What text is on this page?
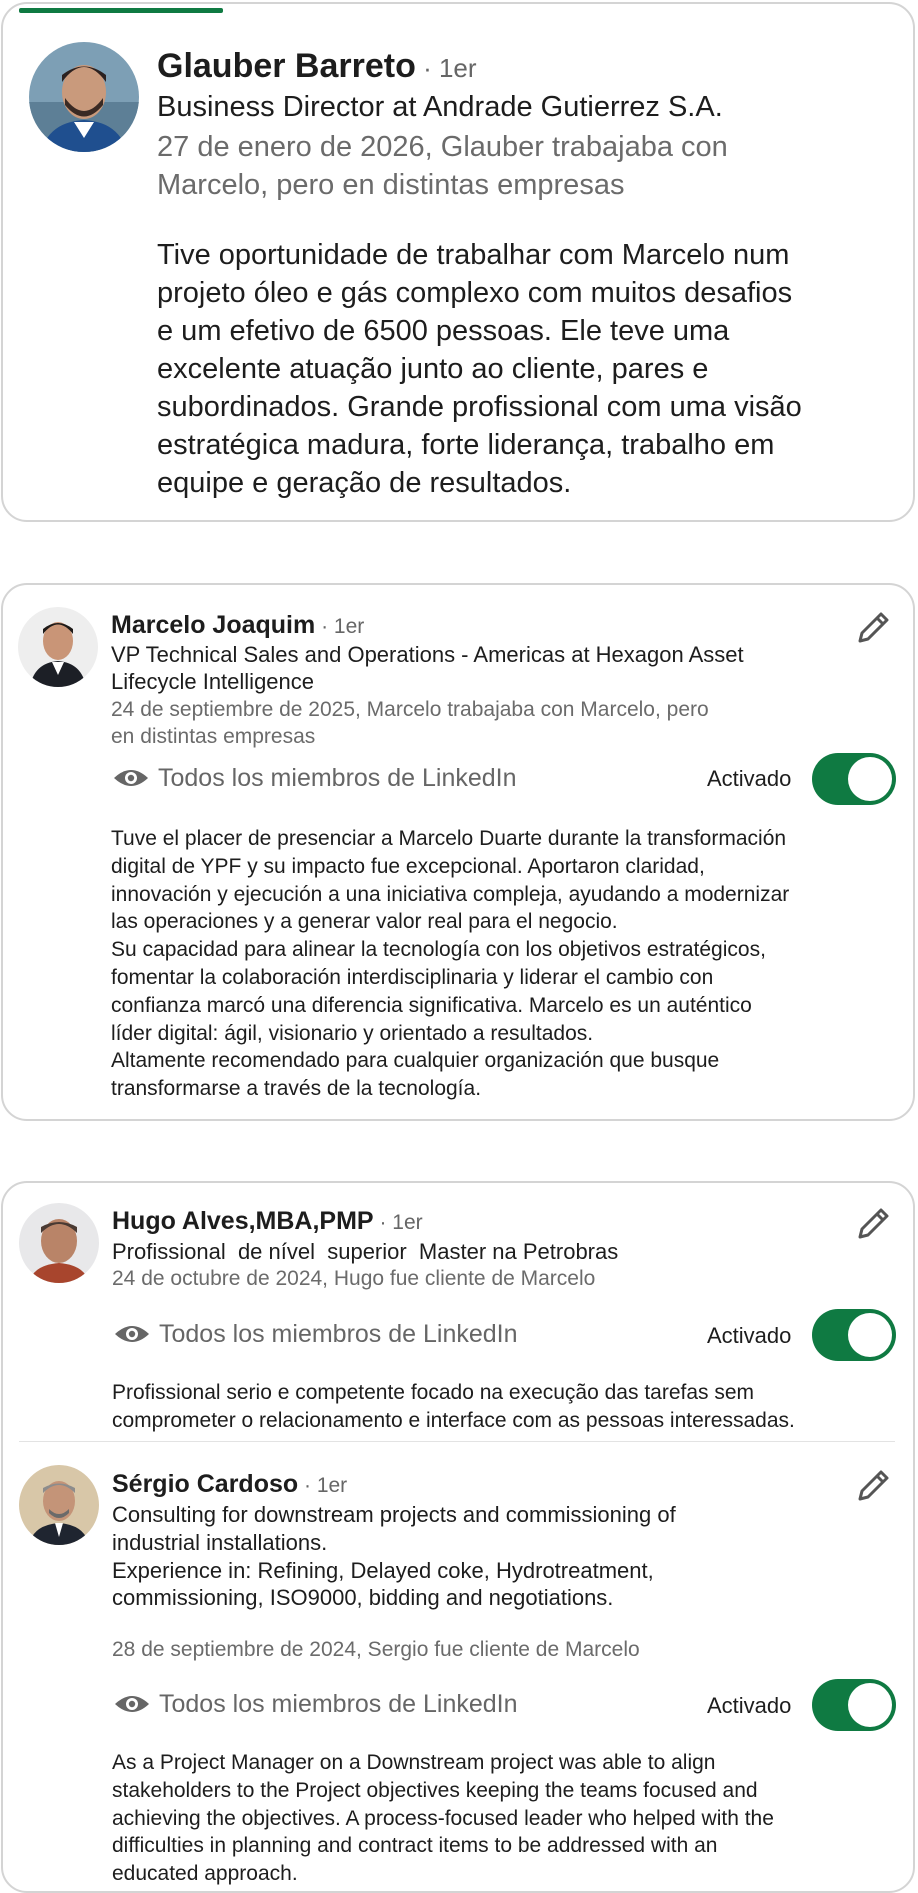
Glauber Barreto · 1er
Business Director at Andrade Gutierrez S.A.
27 de enero de 2026, Glauber trabajaba con
Marcelo, pero en distintas empresas
Tive oportunidade de trabalhar com Marcelo num
projeto óleo e gás complexo com muitos desafios
e um efetivo de 6500 pessoas. Ele teve uma
excelente atuação junto ao cliente, pares e
subordinados. Grande profissional com uma visão
estratégica madura, forte liderança, trabalho em
equipe e geração de resultados.
Marcelo Joaquim · 1er
VP Technical Sales and Operations - Americas at Hexagon Asset
Lifecycle Intelligence
24 de septiembre de 2025, Marcelo trabajaba con Marcelo, pero
en distintas empresas
Todos los miembros de LinkedIn	Activado
Tuve el placer de presenciar a Marcelo Duarte durante la transformación
digital de YPF y su impacto fue excepcional. Aportaron claridad,
innovación y ejecución a una iniciativa compleja, ayudando a modernizar
las operaciones y a generar valor real para el negocio.
Su capacidad para alinear la tecnología con los objetivos estratégicos,
fomentar la colaboración interdisciplinaria y liderar el cambio con
confianza marcó una diferencia significativa. Marcelo es un auténtico
líder digital: ágil, visionario y orientado a resultados.
Altamente recomendado para cualquier organización que busque
transformarse a través de la tecnología.
Hugo Alves,MBA,PMP · 1er
Profissional  de nível  superior  Master na Petrobras
24 de octubre de 2024, Hugo fue cliente de Marcelo
Todos los miembros de LinkedIn	Activado
Profissional serio e competente focado na execução das tarefas sem
comprometer o relacionamento e interface com as pessoas interessadas.
Sérgio Cardoso · 1er
Consulting for downstream projects and commissioning of
industrial installations.
Experience in: Refining, Delayed coke, Hydrotreatment,
commissioning, ISO9000, bidding and negotiations.
28 de septiembre de 2024, Sergio fue cliente de Marcelo
Todos los miembros de LinkedIn	Activado
As a Project Manager on a Downstream project was able to align
stakeholders to the Project objectives keeping the teams focused and
achieving the objectives. A process-focused leader who helped with the
difficulties in planning and contract items to be addressed with an
educated approach.
